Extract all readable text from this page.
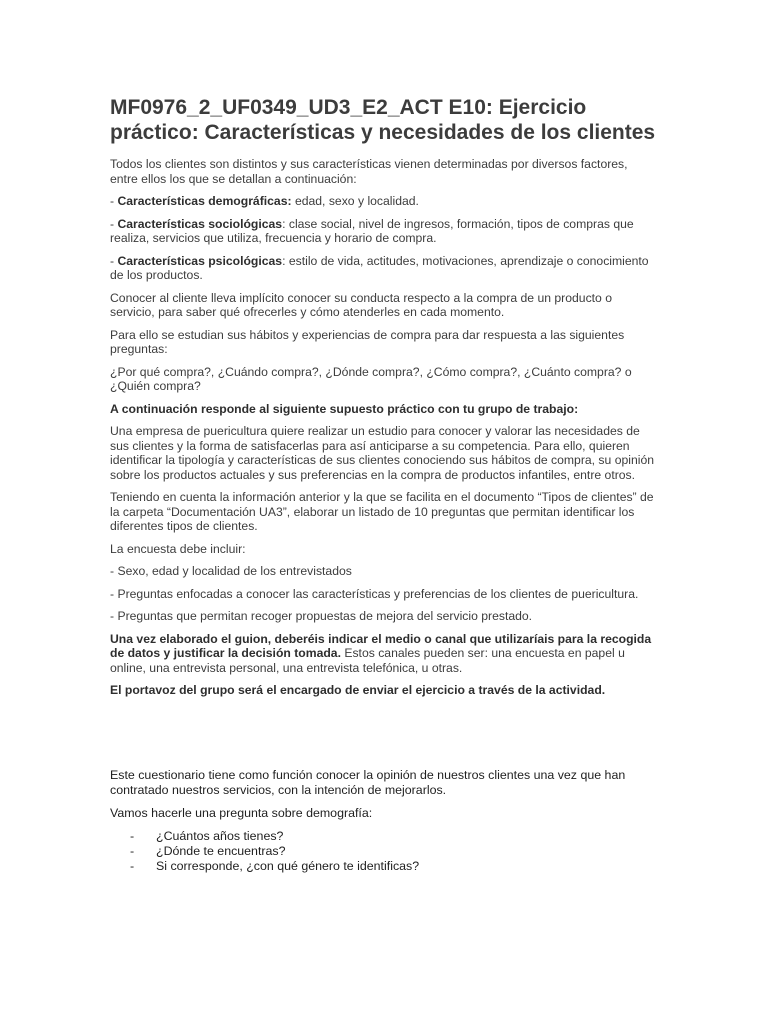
MF0976_2_UF0349_UD3_E2_ACT E10: Ejercicio práctico: Características y necesidades de los clientes

Todos los clientes son distintos y sus características vienen determinadas por diversos factores, entre ellos los que se detallan a continuación:

- Características demográficas: edad, sexo y localidad.

- Características sociológicas: clase social, nivel de ingresos, formación, tipos de compras que realiza, servicios que utiliza, frecuencia y horario de compra.

- Características psicológicas: estilo de vida, actitudes, motivaciones, aprendizaje o conocimiento de los productos.

Conocer al cliente lleva implícito conocer su conducta respecto a la compra de un producto o servicio, para saber qué ofrecerles y cómo atenderles en cada momento.

Para ello se estudian sus hábitos y experiencias de compra para dar respuesta a las siguientes preguntas:

¿Por qué compra?, ¿Cuándo compra?, ¿Dónde compra?, ¿Cómo compra?, ¿Cuánto compra? o    ¿Quién compra?

A continuación responde al siguiente supuesto práctico con tu grupo de trabajo:

Una empresa de puericultura quiere realizar un estudio para conocer y valorar las necesidades de sus clientes y la forma de satisfacerlas para así anticiparse a su competencia. Para ello, quieren identificar la tipología y características de sus clientes conociendo sus hábitos de compra, su opinión sobre los productos actuales y sus preferencias en la compra de productos infantiles, entre otros.

Teniendo en cuenta la información anterior y la que se facilita en el documento “Tipos de clientes” de la carpeta “Documentación UA3”, elaborar un listado de 10 preguntas que permitan identificar los diferentes tipos de clientes.

La encuesta debe incluir:

- Sexo, edad y localidad de los entrevistados

- Preguntas enfocadas a conocer las características y preferencias de los clientes de puericultura.

- Preguntas que permitan recoger propuestas de mejora del servicio prestado.

Una vez elaborado el guion, deberéis indicar el medio o canal que utilizaríais para la recogida de datos y justificar la decisión tomada. Estos canales pueden ser: una encuesta en papel u online, una entrevista personal, una entrevista telefónica, u otras.

El portavoz del grupo será el encargado de enviar el ejercicio a través de la actividad.

Este cuestionario tiene como función conocer la opinión de nuestros clientes una vez que han contratado nuestros servicios, con la intención de mejorarlos.

Vamos hacerle una pregunta sobre demografía:

-	¿Cuántos años tienes?
-	¿Dónde te encuentras?
-	Si corresponde, ¿con qué género te identificas?
